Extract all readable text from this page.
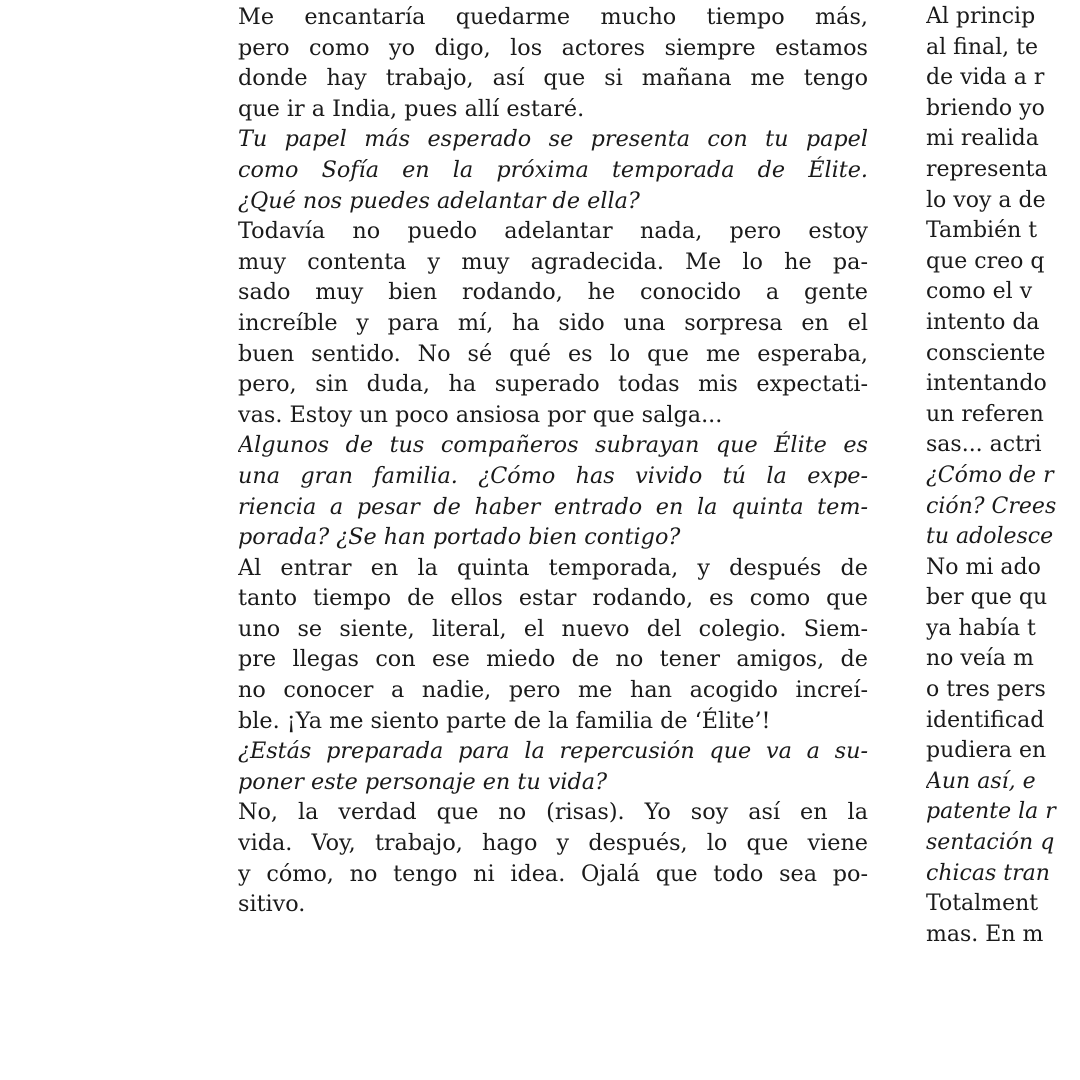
Me encantaría quedarme mucho tiempo más,
pero como yo digo, los actores siempre estamos
donde hay trabajo, así que si mañana me tengo
que ir a India, pues allí estaré.

Tu papel más esperado se presenta con tu papel
como Sofía en la próxima temporada de Élite.
¿Qué nos puedes adelantar de ella?

Todavía no puedo adelantar nada, pero estoy
muy contenta y muy agradecida. Me lo he pa-
sado muy bien rodando, he conocido a gente
increíble y para mí, ha sido una sorpresa en el
buen sentido. No sé qué es lo que me esperaba,
pero, sin duda, ha superado todas mis expectati-
vas. Estoy un poco ansiosa por que salga...

Algunos de tus compañeros subrayan que Élite es
una gran familia. ¿Cómo has vivido tú la expe-
riencia a pesar de haber entrado en la quinta tem-
porada? ¿Se han portado bien contigo?

Al entrar en la quinta temporada, y después de
tanto tiempo de ellos estar rodando, es como que
uno se siente, literal, el nuevo del colegio. Siem-
pre llegas con ese miedo de no tener amigos, de
no conocer a nadie, pero me han acogido increí-
ble. ¡Ya me siento parte de la familia de ‘Élite’!

¿Estás preparada para la repercusión que va a su-
poner este personaje en tu vida?

No, la verdad que no (risas). Yo soy así en la
vida. Voy, trabajo, hago y después, lo que viene
y cómo, no tengo ni idea. Ojalá que todo sea po-
sitivo.

Al princip
al final, te
de vida a r
briendo yo
mi realida
representa
lo voy a de
También t
que creo q
como el v
intento da
consciente
intentando
un referen
sas... actri
¿Cómo de r
ción? Crees
tu adolesce
No mi ado
ber que qu
ya había t
no veía m
o tres pers
identificad
pudiera en
Aun así, e
patente la r
sentación q
chicas tran
Totalment
mas. En m
